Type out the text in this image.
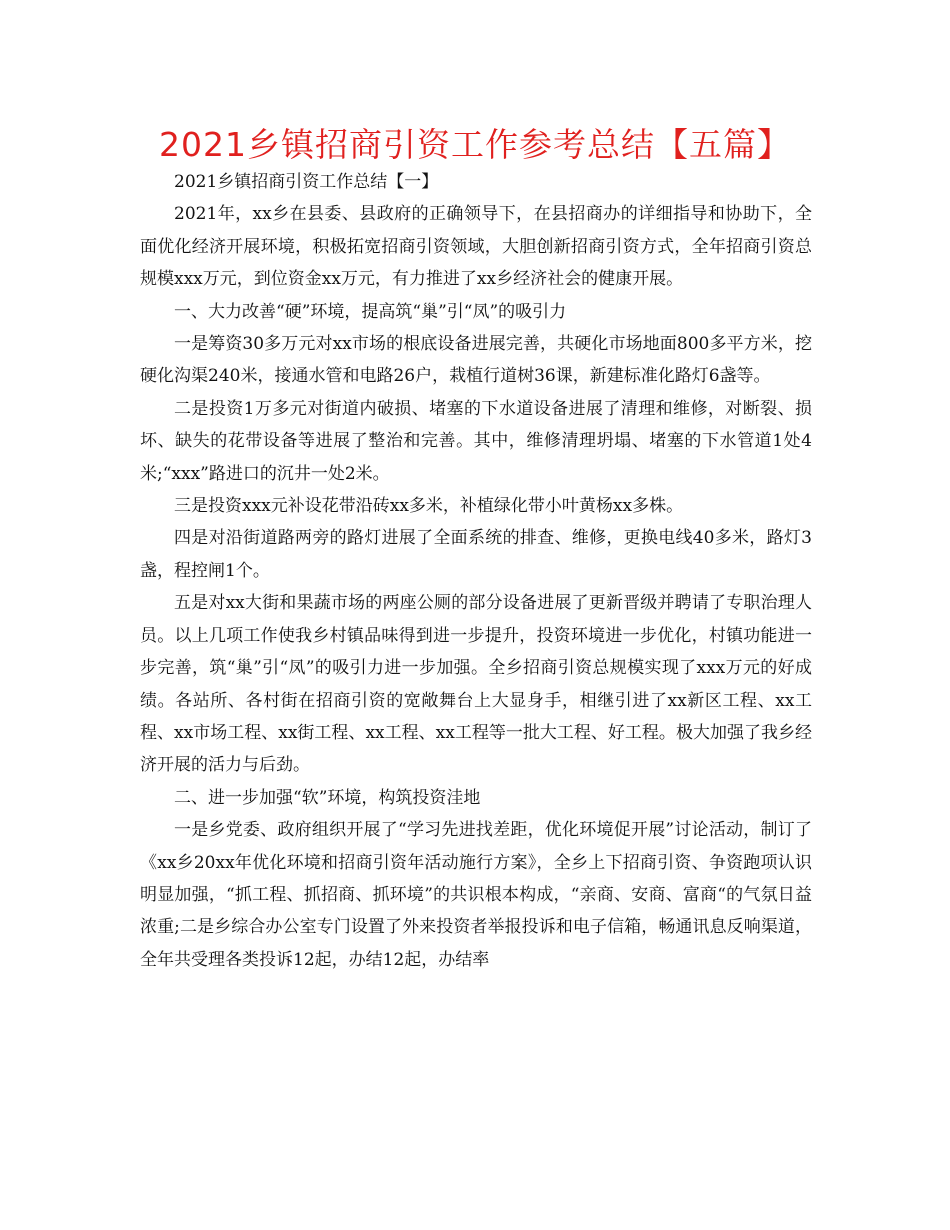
2021乡镇招商引资工作参考总结【五篇】

2021乡镇招商引资工作总结【一】

2021年，xx乡在县委、县政府的正确领导下，在县招商办的详细指导和协助下，全面优化经济开展环境，积极拓宽招商引资领域，大胆创新招商引资方式，全年招商引资总规模xxx万元，到位资金xx万元，有力推进了xx乡经济社会的健康开展。

一、大力改善“硬”环境，提高筑“巢”引“凤”的吸引力

一是筹资30多万元对xx市场的根底设备进展完善，共硬化市场地面800多平方米，挖硬化沟渠240米，接通水管和电路26户，栽植行道树36课，新建标准化路灯6盏等。

二是投资1万多元对街道内破损、堵塞的下水道设备进展了清理和维修，对断裂、损坏、缺失的花带设备等进展了整治和完善。其中，维修清理坍塌、堵塞的下水管道1处4米;“xxx”路进口的沉井一处2米。

三是投资xxx元补设花带沿砖xx多米，补植绿化带小叶黄杨xx多株。

四是对沿街道路两旁的路灯进展了全面系统的排查、维修，更换电线40多米，路灯3盏，程控闸1个。

五是对xx大街和果蔬市场的两座公厕的部分设备进展了更新晋级并聘请了专职治理人员。以上几项工作使我乡村镇品味得到进一步提升，投资环境进一步优化，村镇功能进一步完善，筑“巢”引“凤”的吸引力进一步加强。全乡招商引资总规模实现了xxx万元的好成绩。各站所、各村街在招商引资的宽敞舞台上大显身手，相继引进了xx新区工程、xx工程、xx市场工程、xx街工程、xx工程、xx工程等一批大工程、好工程。极大加强了我乡经济开展的活力与后劲。

二、进一步加强“软”环境，构筑投资洼地

一是乡党委、政府组织开展了“学习先进找差距，优化环境促开展”讨论活动，制订了《xx乡20xx年优化环境和招商引资年活动施行方案》，全乡上下招商引资、争资跑项认识明显加强，“抓工程、抓招商、抓环境”的共识根本构成，“亲商、安商、富商“的气氛日益浓重;二是乡综合办公室专门设置了外来投资者举报投诉和电子信箱，畅通讯息反响渠道，全年共受理各类投诉12起，办结12起，办结率
